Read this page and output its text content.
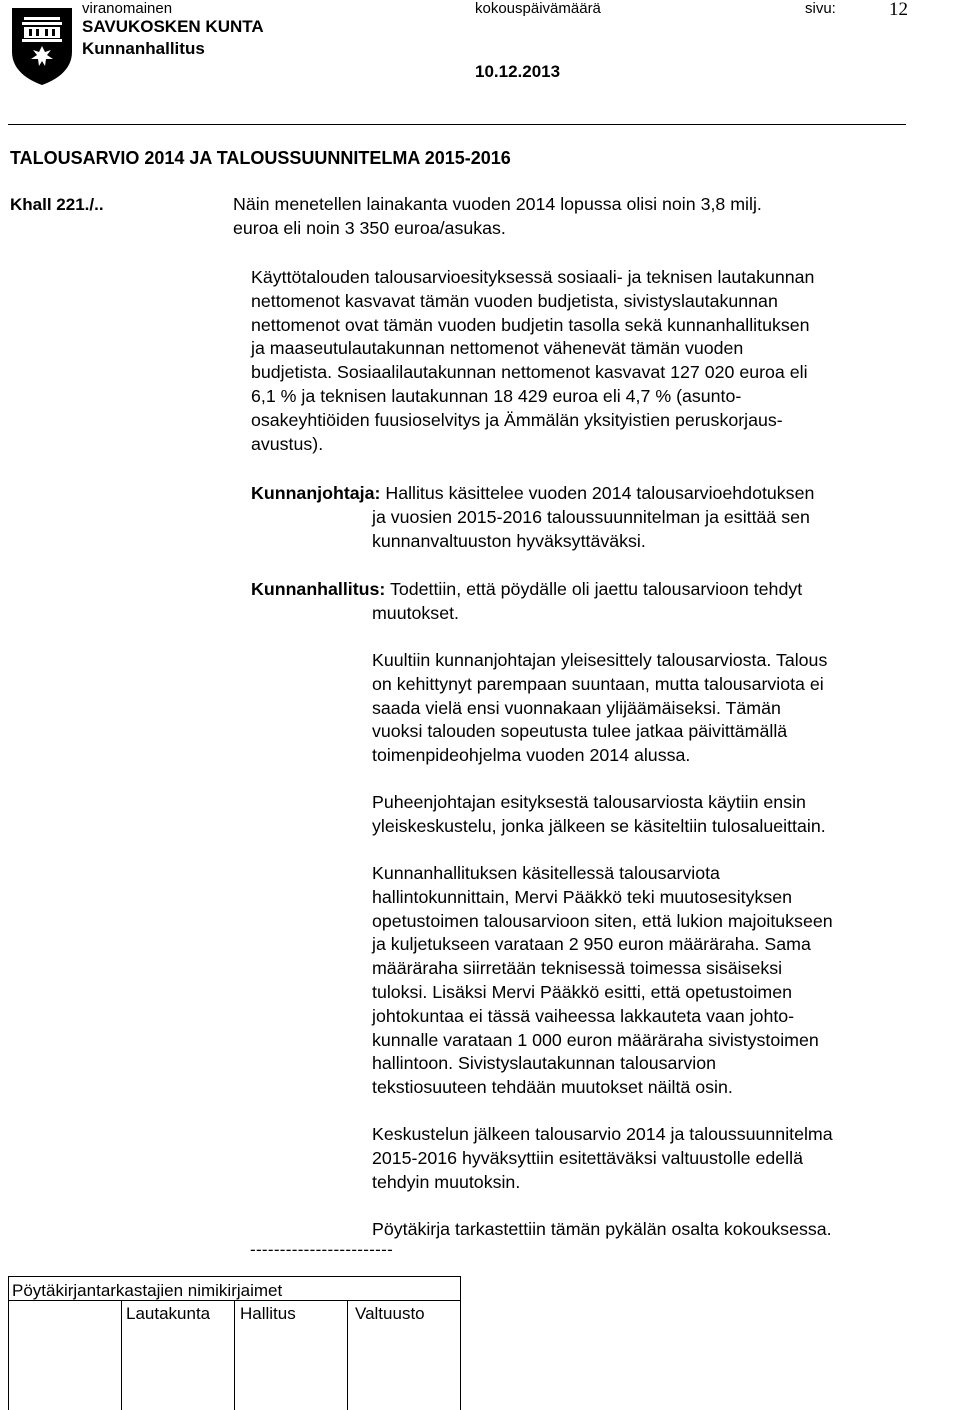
viranomainen	kokouspäivämäärä	sivu:	12
SAVUKOSKEN KUNTA
Kunnanhallitus
10.12.2013
TALOUSARVIO 2014 JA TALOUSSUUNNITELMA 2015-2016
Khall 221./..	Näin menetellen lainakanta vuoden 2014 lopussa olisi noin 3,8 milj.
euroa eli noin 3 350 euroa/asukas.
Käyttötalouden talousarvioesityksessä sosiaali- ja teknisen lautakunnan
nettomenot kasvavat tämän vuoden budjetista, sivistyslautakunnan
nettomenot ovat tämän vuoden budjetin tasolla sekä kunnanhallituksen
ja maaseutulautakunnan nettomenot vähenevät tämän vuoden
budjetista. Sosiaalilautakunnan nettomenot kasvavat 127 020 euroa eli
6,1 % ja teknisen lautakunnan 18 429 euroa eli 4,7 % (asunto-
osakeyhtiöiden fuusioselvitys ja Ämmälän yksityistien peruskorjaus-
avustus).
Kunnanjohtaja: Hallitus käsittelee vuoden 2014 talousarvioehdotuksen
ja vuosien 2015-2016 taloussuunnitelman ja esittää sen
kunnanvaltuuston hyväksyttäväksi.
Kunnanhallitus: Todettiin, että pöydälle oli jaettu talousarvioon tehdyt
muutokset.
Kuultiin kunnanjohtajan yleisesittely talousarviosta. Talous
on kehittynyt parempaan suuntaan, mutta talousarviota ei
saada vielä ensi vuonnakaan ylijäämäiseksi. Tämän
vuoksi talouden sopeutusta tulee jatkaa päivittämällä
toimenpideohjelma vuoden 2014 alussa.
Puheenjohtajan esityksestä talousarviosta käytiin ensin
yleiskeskustelu, jonka jälkeen se käsiteltiin tulosalueittain.
Kunnanhallituksen käsitellessä talousarviota
hallintokunnittain, Mervi Pääkkö teki muutosesityksen
opetustoimen talousarvioon siten, että lukion majoitukseen
ja kuljetukseen varataan 2 950 euron määräraha. Sama
määräraha siirretään teknisessä toimessa sisäiseksi
tuloksi. Lisäksi Mervi Pääkkö esitti, että opetustoimen
johtokuntaa ei tässä vaiheessa lakkauteta vaan johto-
kunnalle varataan 1 000 euron määräraha sivistystoimen
hallintoon. Sivistyslautakunnan talousarvion
tekstiosuuteen tehdään muutokset näiltä osin.
Keskustelun jälkeen talousarvio 2014 ja taloussuunnitelma
2015-2016 hyväksyttiin esitettäväksi valtuustolle edellä
tehdyin muutoksin.
Pöytäkirja tarkastettiin tämän pykälän osalta kokouksessa.
------------------------
Pöytäkirjantarkastajien nimikirjaimet
Lautakunta Hallitus	Valtuusto
